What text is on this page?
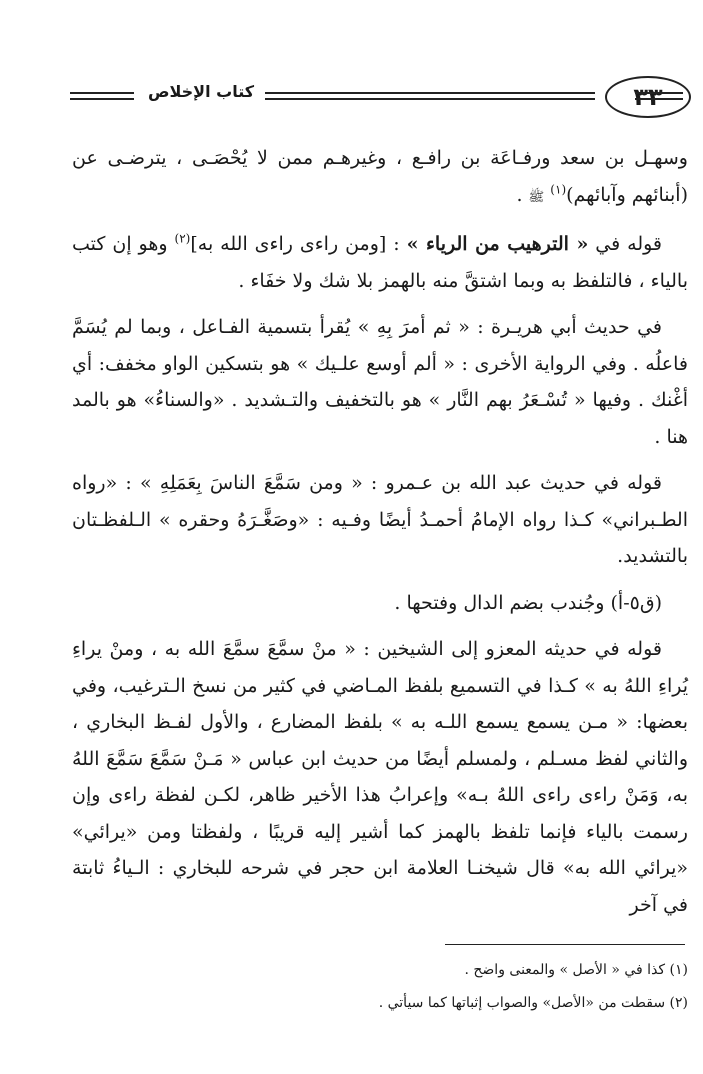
كتاب الإخلاص	٣٣

وسهـل بن سعد ورفـاعَة بن رافـع ، وغيرهـم ممن لا يُحْصَـى ، يترضـى عن (أبنائهم وآبائهم)$^{(١)}$ ﷺ .

قوله في « الترهيب من الرياء » : [ومن راءى راءى الله به]$^{(٢)}$ وهو إن كتب بالياء ، فالتلفظ به وبما اشتقَّ منه بالهمز بلا شك ولا خفَاء .

في حديث أبي هريـرة : « ثم أمرَ بِهِ » يُقرأ بتسمية الفـاعل ، وبما لم يُسَمَّ فاعلُه . وفي الرواية الأخرى : « ألم أوسع علـيك » هو بتسكين الواو مخفف: أي أغْنك . وفيها « تُسْـعَرُ بهم النَّار » هو بالتخفيف والتـشديد . «والسناءُ» هو بالمد هنا .

قوله في حديث عبد الله بن عـمرو : « ومن سَمَّعَ الناسَ بِعَمَلِهِ » : «رواه الطـبراني» كـذا رواه الإمامُ أحمـدُ أيضًا وفـيه : «وصَغَّـرَهُ وحقره » الـلفظـتان بالتشديد.

(ق٥-أ) وجُندب بضم الدال وفتحها .

قوله في حديثه المعزو إلى الشيخين : « منْ سمَّعَ سمَّعَ الله به ، ومنْ يراءِ يُراءِ اللهُ به » كـذا في التسميع بلفظ المـاضي في كثير من نسخ الـترغيب، وفي بعضها: « مـن يسمع يسمع اللـه به » بلفظ المضارع ، والأول لفـظ البخاري ، والثاني لفظ مسـلم ، ولمسلم أيضًا من حديث ابن عباس « مَـنْ سَمَّعَ سَمَّعَ اللهُ به، وَمَنْ راءى راءى اللهُ بـه» وإعرابُ هذا الأخير ظاهر، لكـن لفظة راءى وإن رسمت بالياء فإنما تلفظ بالهمز كما أشير إليه قريبًا ، ولفظتا ومن «يرائي» «يرائي الله به» قال شيخنـا العلامة ابن حجر في شرحه للبخاري : الـياءُ ثابتة في آخر

(١) كذا في « الأصل » والمعنى واضح .

(٢) سقطت من «الأصل» والصواب إثباتها كما سيأتي .
